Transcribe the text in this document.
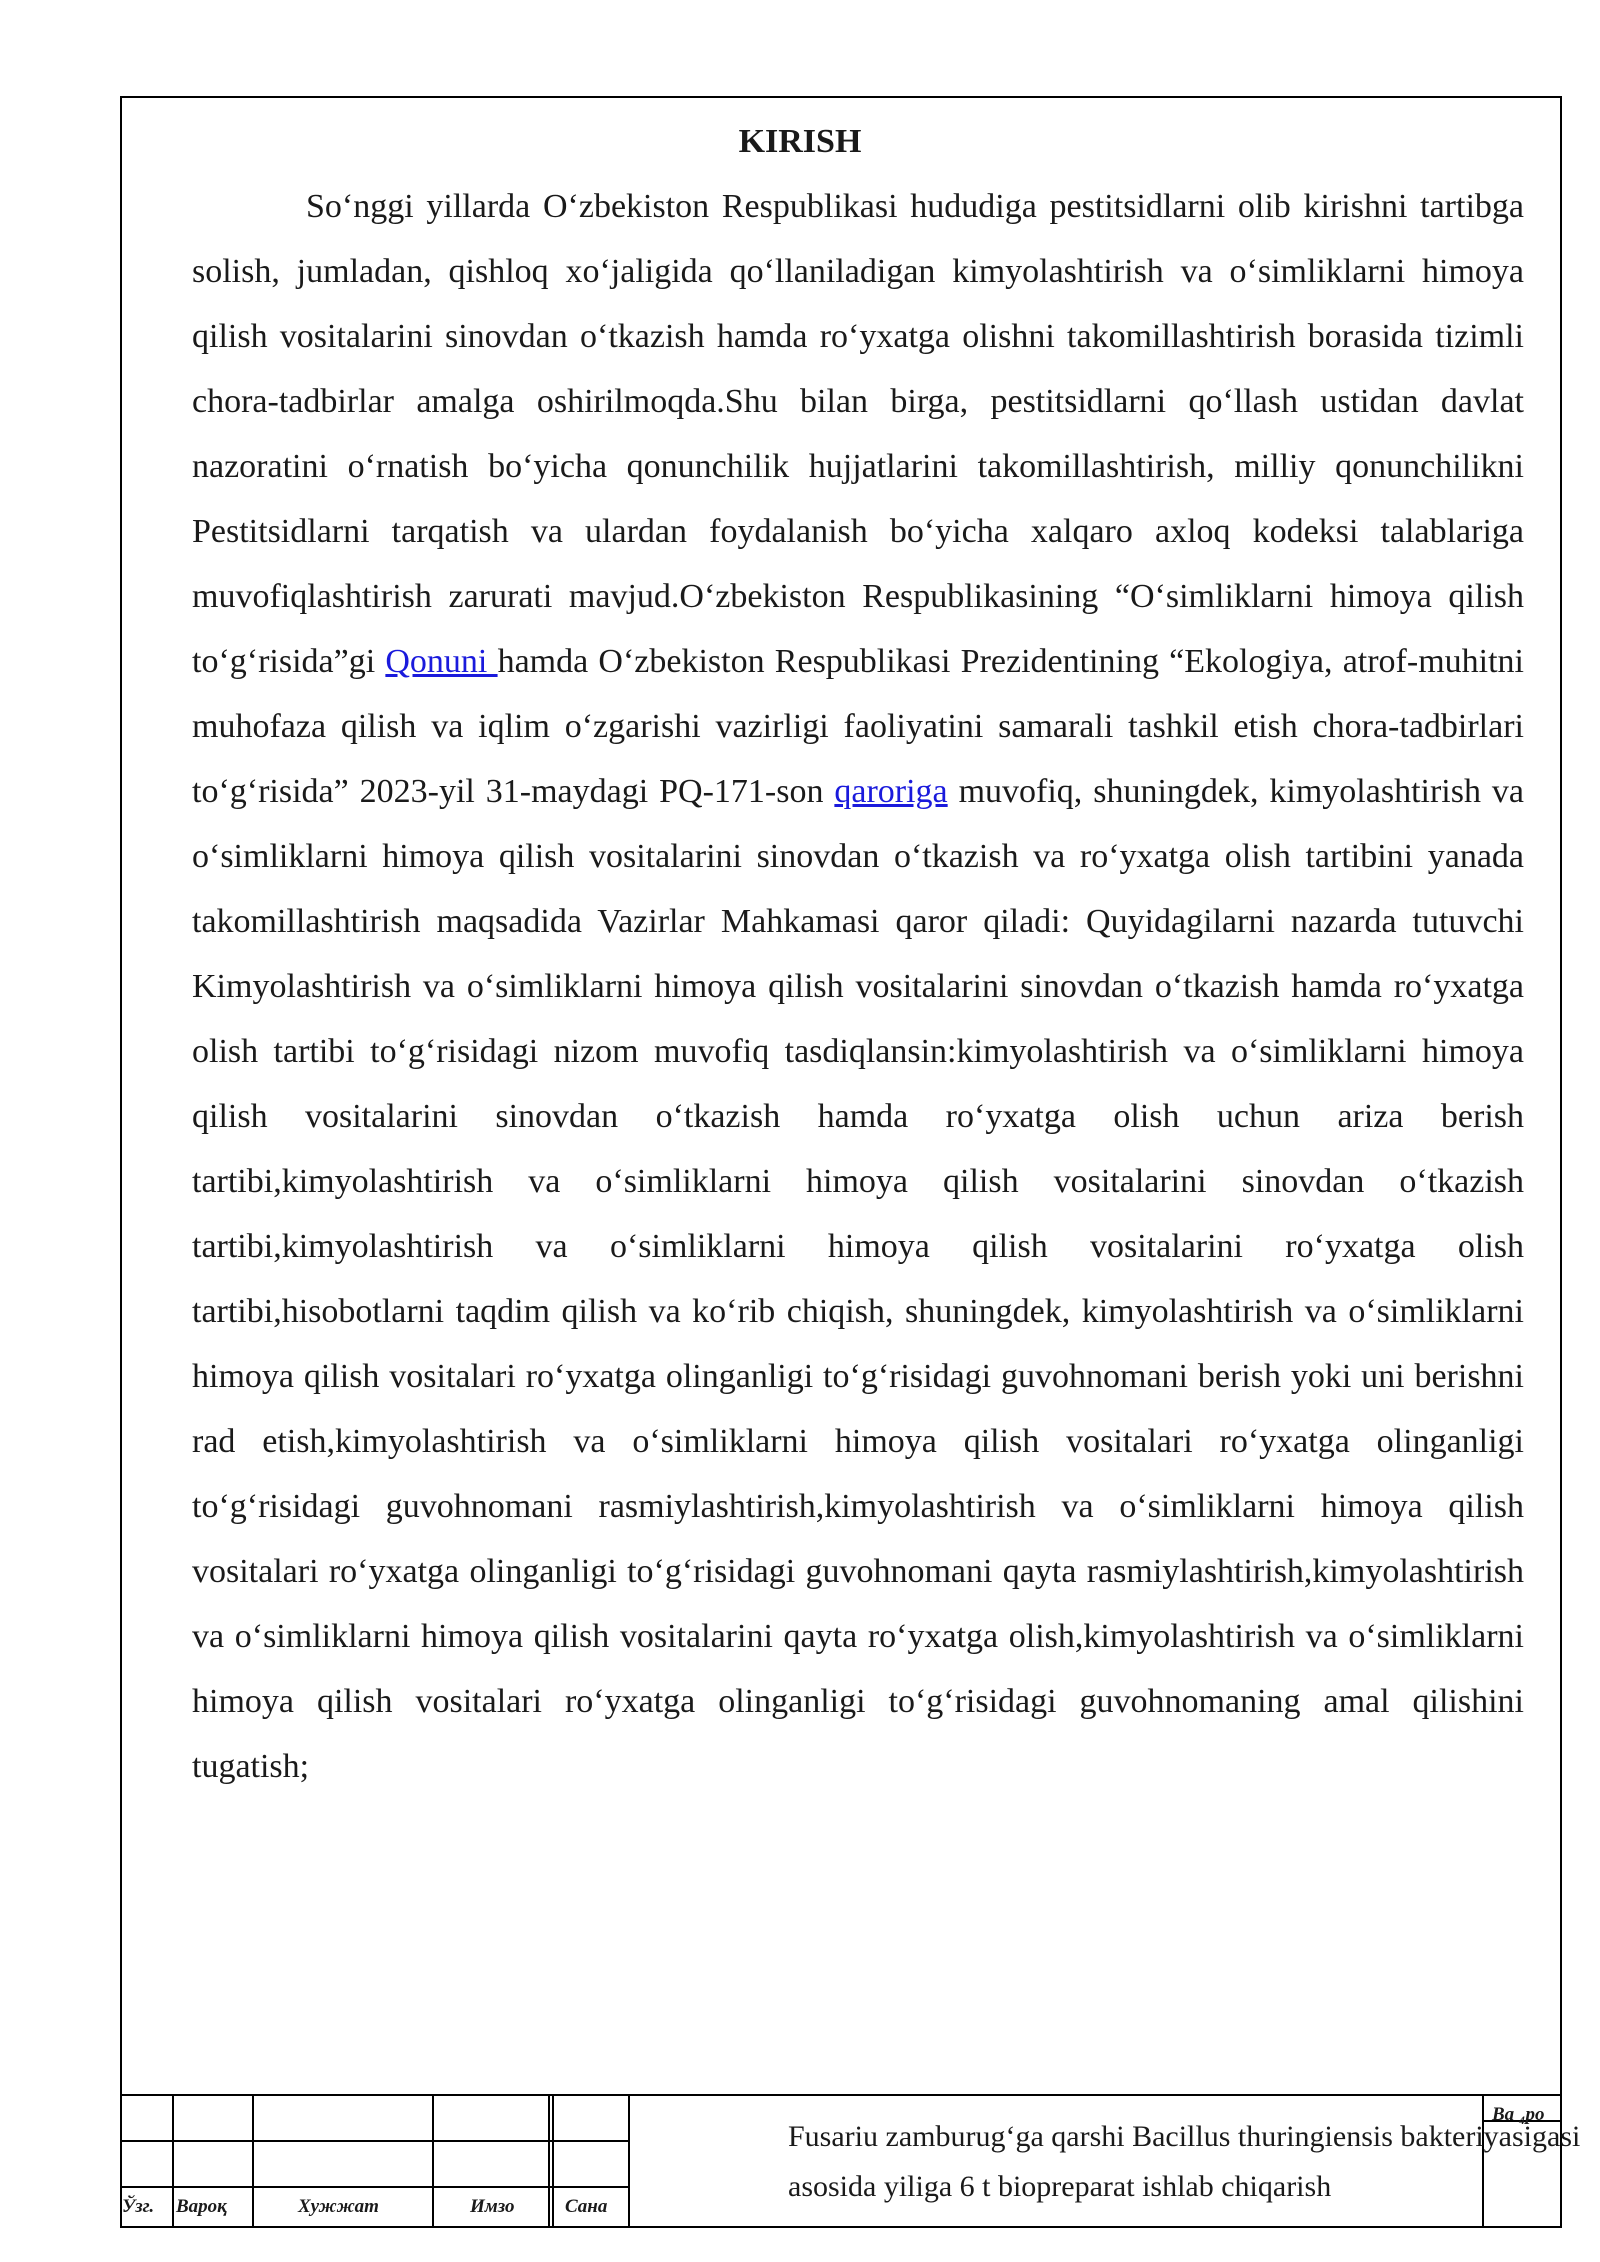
KIRISH

So‘nggi yillarda O‘zbekiston Respublikasi hududiga pestitsidlarni olib kirishni tartibga solish, jumladan, qishloq xo‘jaligida qo‘llaniladigan kimyolashtirish va o‘simliklarni himoya qilish vositalarini sinovdan o‘tkazish hamda ro‘yxatga olishni takomillashtirish borasida tizimli chora-tadbirlar amalga oshirilmoqda.Shu bilan birga, pestitsidlarni qo‘llash ustidan davlat nazoratini o‘rnatish bo‘yicha qonunchilik hujjatlarini takomillashtirish, milliy qonunchilikni Pestitsidlarni tarqatish va ulardan foydalanish bo‘yicha xalqaro axloq kodeksi talablariga muvofiqlashtirish zarurati mavjud.O‘zbekiston Respublikasining “O‘simliklarni himoya qilish to‘g‘risida”gi Qonuni hamda O‘zbekiston Respublikasi Prezidentining “Ekologiya, atrof-muhitni muhofaza qilish va iqlim o‘zgarishi vazirligi faoliyatini samarali tashkil etish chora-tadbirlari to‘g‘risida” 2023-yil 31-maydagi PQ-171-son qaroriga muvofiq, shuningdek, kimyolashtirish va o‘simliklarni himoya qilish vositalarini sinovdan o‘tkazish va ro‘yxatga olish tartibini yanada takomillashtirish maqsadida Vazirlar Mahkamasi qaror qiladi: Quyidagilarni nazarda tutuvchi Kimyolashtirish va o‘simliklarni himoya qilish vositalarini sinovdan o‘tkazish hamda ro‘yxatga olish tartibi to‘g‘risidagi nizom muvofiq tasdiqlansin:kimyolashtirish va o‘simliklarni himoya qilish vositalarini sinovdan o‘tkazish hamda ro‘yxatga olish uchun ariza berish tartibi,kimyolashtirish va o‘simliklarni himoya qilish vositalarini sinovdan o‘tkazish tartibi,kimyolashtirish va o‘simliklarni himoya qilish vositalarini ro‘yxatga olish tartibi,hisobotlarni taqdim qilish va ko‘rib chiqish, shuningdek, kimyolashtirish va o‘simliklarni himoya qilish vositalari ro‘yxatga olinganligi to‘g‘risidagi guvohnomani berish yoki uni berishni rad etish,kimyolashtirish va o‘simliklarni himoya qilish vositalari ro‘yxatga olinganligi to‘g‘risidagi guvohnomani rasmiylashtirish,kimyolashtirish va o‘simliklarni himoya qilish vositalari ro‘yxatga olinganligi to‘g‘risidagi guvohnomani qayta rasmiylashtirish,kimyolashtirish va o‘simliklarni himoya qilish vositalarini qayta ro‘yxatga olish,kimyolashtirish va o‘simliklarni himoya qilish vositalari ro‘yxatga olinganligi to‘g‘risidagi guvohnomaning amal qilishini tugatish;

Ўзг. Вароқ	Хужжат	Имзо	Сана

Fusariu zamburug‘ga qarshi Bacillus thuringiensis bakteriyasigasi asosida yiliga 6 t biopreparat ishlab chiqarish

Ва ₄ро
